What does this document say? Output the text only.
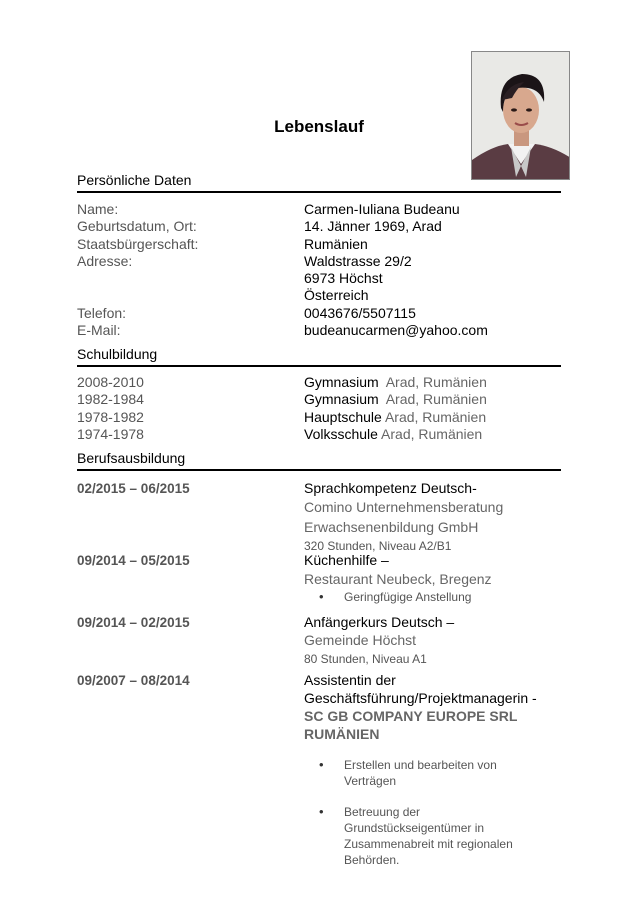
Lebenslauf
Persönliche Daten
Name:	Carmen-Iuliana Budeanu
Geburtsdatum, Ort:	14. Jänner 1969, Arad
Staatsbürgerschaft:	Rumänien
Adresse:	Waldstrasse 29/2
6973 Höchst
Österreich
Telefon:	0043676/5507115
E-Mail:	budeanucarmen@yahoo.com
Schulbildung
2008-2010	Gymnasium  Arad, Rumänien
1982-1984	Gymnasium  Arad, Rumänien
1978-1982	Hauptschule Arad, Rumänien
1974-1978	Volksschule Arad, Rumänien
Berufsausbildung
02/2015 – 06/2015	Sprachkompetenz Deutsch-
Comino Unternehmensberatung
Erwachsenenbildung GmbH
320 Stunden, Niveau A2/B1
09/2014 – 05/2015	Küchenhilfe –
Restaurant Neubeck, Bregenz
• Geringfügige Anstellung
09/2014 – 02/2015	Anfängerkurs Deutsch –
Gemeinde Höchst
80 Stunden, Niveau A1
09/2007 – 08/2014	Assistentin der
Geschäftsführung/Projektmanagerin -
SC GB COMPANY EUROPE SRL
RUMÄNIEN
• Erstellen und bearbeiten von
Verträgen
• Betreuung der
Grundstückseigentümer in
Zusammenabreit mit regionalen
Behörden.
